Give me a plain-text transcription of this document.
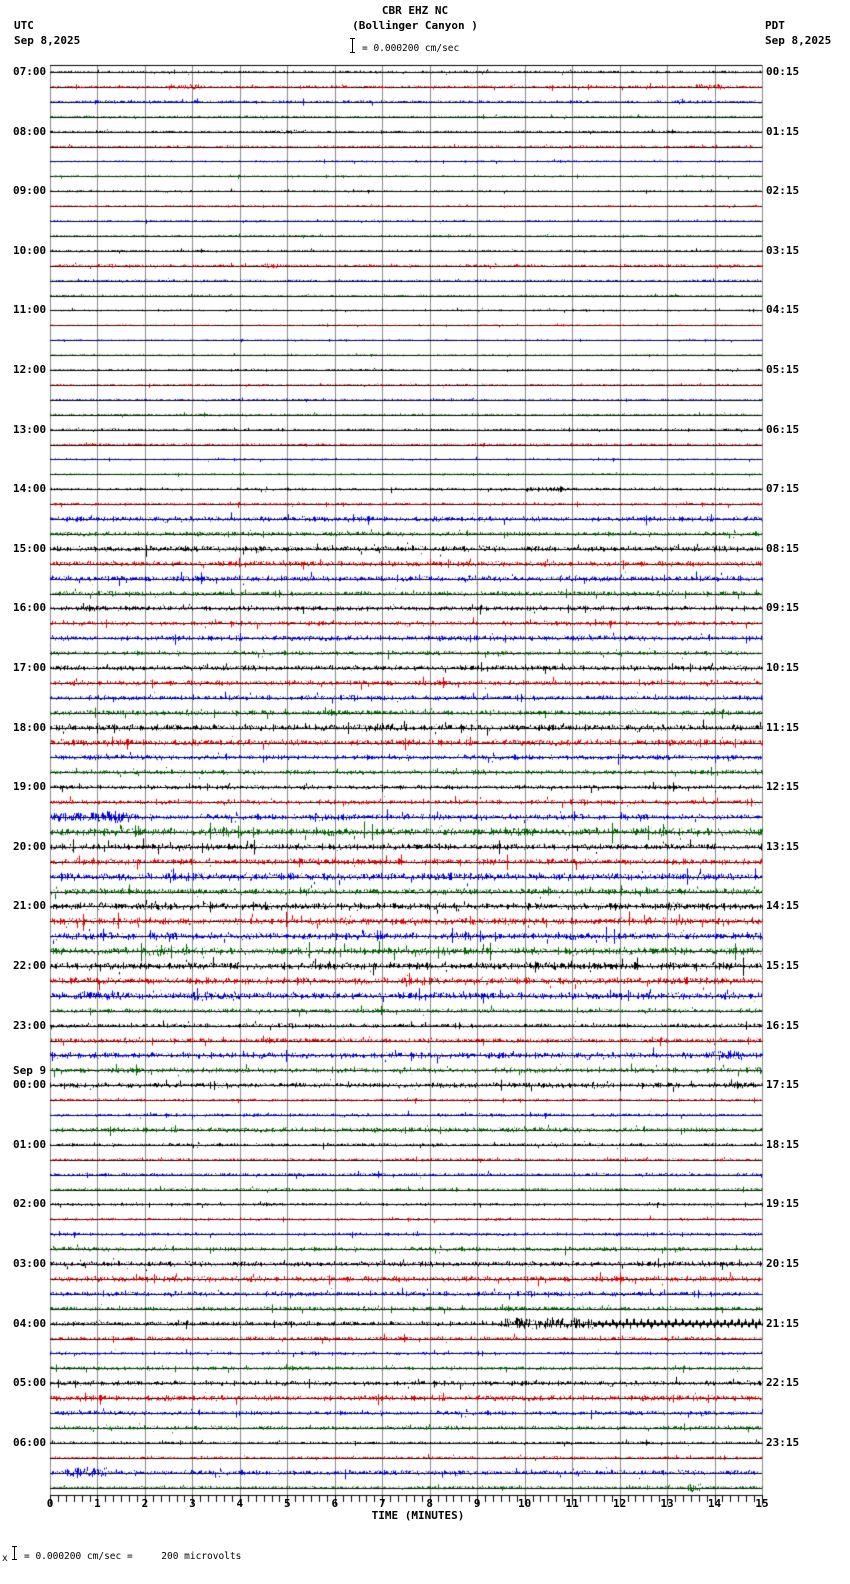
CBR EHZ NC
(Bollinger Canyon )
UTC
Sep 8,2025
PDT
Sep 8,2025
= 0.000200 cm/sec
07:00
08:00
09:00
10:00
11:00
12:00
13:00
14:00
15:00
16:00
17:00
18:00
19:00
20:00
21:00
22:00
23:00
00:00
Sep 9
01:00
02:00
03:00
04:00
05:00
06:00
00:15
01:15
02:15
03:15
04:15
05:15
06:15
07:15
08:15
09:15
10:15
11:15
12:15
13:15
14:15
15:15
16:15
17:15
18:15
19:15
20:15
21:15
22:15
23:15
0	1	2	3	4	5	6	7	8	9	10	11	12	13	14	15
TIME (MINUTES)
x = 0.000200 cm/sec =     200 microvolts
